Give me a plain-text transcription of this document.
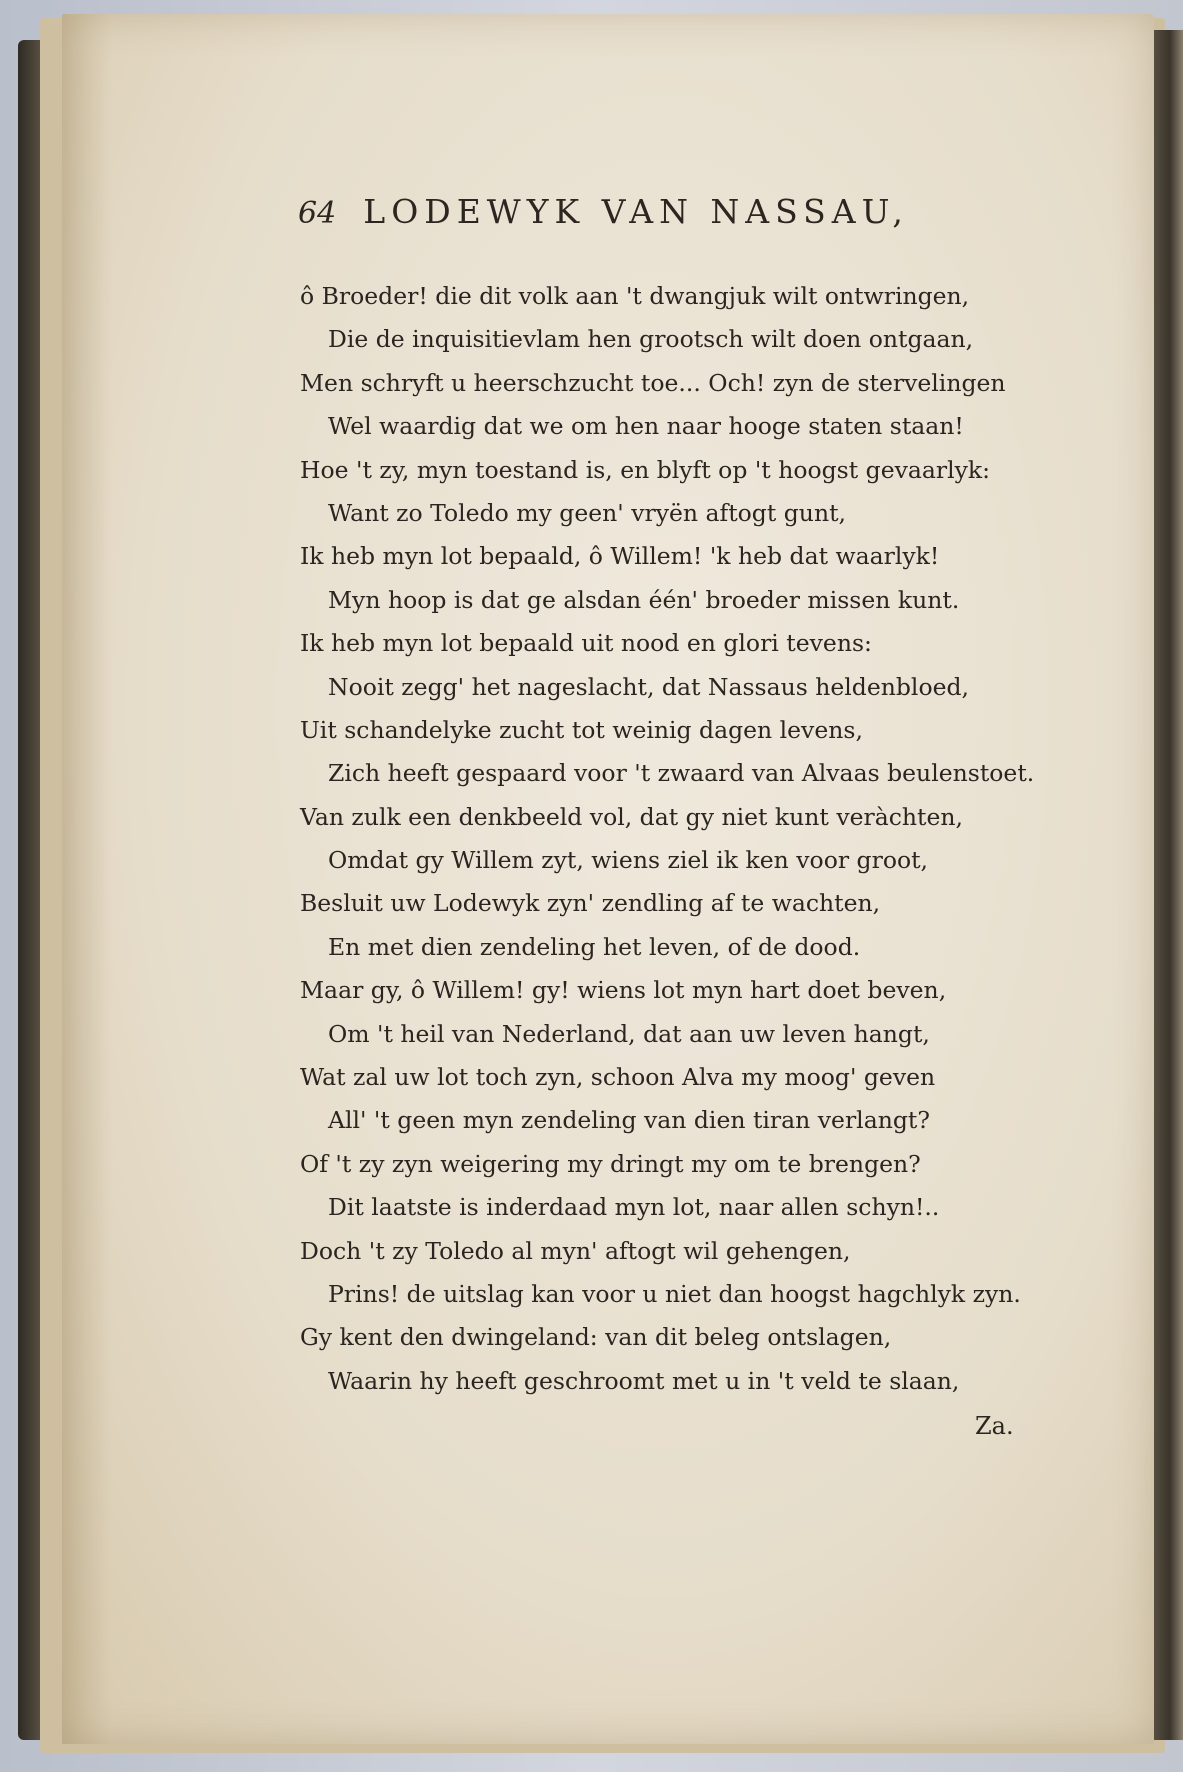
64 LODEWYK VAN NASSAU,
ô Broeder! die dit volk aan 't dwangjuk wilt ontwringen,
Die de inquisitievlam hen grootsch wilt doen ontgaan,
Men schryft u heerschzucht toe... Och! zyn de stervelingen
Wel waardig dat we om hen naar hooge staten staan!
Hoe 't zy, myn toestand is, en blyft op 't hoogst gevaarlyk:
Want zo Toledo my geen' vryën aftogt gunt,
Ik heb myn lot bepaald, ô Willem! 'k heb dat waarlyk!
Myn hoop is dat ge alsdan één' broeder missen kunt.
Ik heb myn lot bepaald uit nood en glori tevens:
Nooit zegg' het nageslacht, dat Nassaus heldenbloed,
Uit schandelyke zucht tot weinig dagen levens,
Zich heeft gespaard voor 't zwaard van Alvaas beulenstoet.
Van zulk een denkbeeld vol, dat gy niet kunt veràchten,
Omdat gy Willem zyt, wiens ziel ik ken voor groot,
Besluit uw Lodewyk zyn' zendling af te wachten,
En met dien zendeling het leven, of de dood.
Maar gy, ô Willem! gy! wiens lot myn hart doet beven,
Om 't heil van Nederland, dat aan uw leven hangt,
Wat zal uw lot toch zyn, schoon Alva my moog' geven
All' 't geen myn zendeling van dien tiran verlangt?
Of 't zy zyn weigering my dringt my om te brengen?
Dit laatste is inderdaad myn lot, naar allen schyn!..
Doch 't zy Toledo al myn' aftogt wil gehengen,
Prins! de uitslag kan voor u niet dan hoogst hagchlyk zyn.
Gy kent den dwingeland: van dit beleg ontslagen,
Waarin hy heeft geschroomt met u in 't veld te slaan,
Za.
